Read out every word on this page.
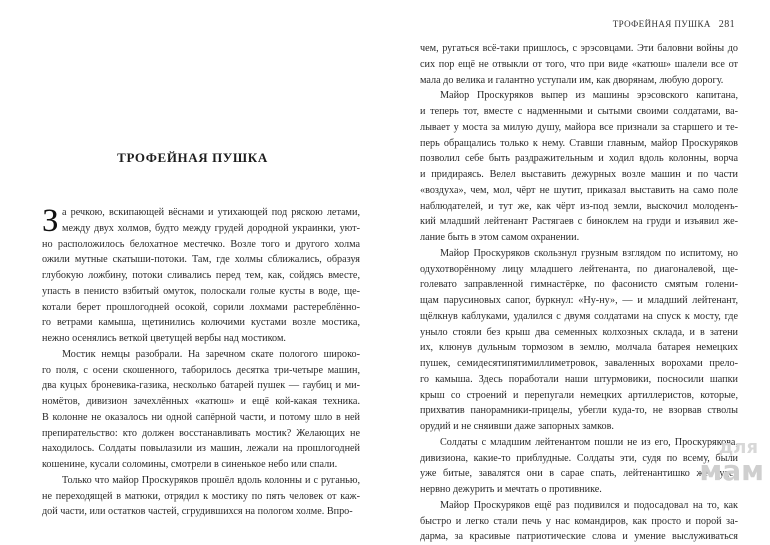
ТРОФЕЙНАЯ ПУШКА
а речкою, вскипающей вёснами и утихающей под ряскою летами,
между двух холмов, будто между грудей дородной украинки, уют-
но расположилось белохатное местечко. Возле того и другого холма
ожили мутные скатыши-потоки. Там, где холмы сближались, образуя
глубокую ложбину, потоки сливались перед тем, как, сойдясь вместе,
упасть в пенисто взбитый омуток, полоскали голые кусты в воде, ще-
котали берет прошлогодней осокой, сорили лохмами растереблённо-
го ветрами камыша, щетинились колючими кустами возле мостика,
нежно осенялись веткой цветущей вербы над мостиком.
Мостик немцы разобрали. На заречном скате пологого широко-
го поля, с осени скошенного, таборилось десятка три-четыре машин,
два куцых броневика-газика, несколько батарей пушек — гаубиц и ми-
номётов, дивизион зачехлённых «катюш» и ещё кой-какая техника.
В колонне не оказалось ни одной сапёрной части, и потому шло в ней
препирательство: кто должен восстанавливать мостик? Желающих не
находилось. Солдаты повылазили из машин, лежали на прошлогодней
кошенине, кусали соломины, смотрели в синенькое небо или спали.
Только что майор Проскуряков прошёл вдоль колонны и с руганью,
не переходящей в матюки, отрядил к мостику по пять человек от каж-
дой части, или остатков частей, сгрудившихся на пологом холме. Впро-
З
ТРОФЕЙНАЯ ПУШКА 281
чем, ругаться всё-таки пришлось, с эрэсовцами. Эти баловни войны до
сих пор ещё не отвыкли от того, что при виде «катюш» шалели все от
мала до велика и галантно уступали им, как дворянам, любую дорогу.
Майор Проскуряков выпер из машины эрэсовского капитана,
и теперь тот, вместе с надменными и сытыми своими солдатами, ва-
лывает у моста за милую душу, майора все признали за старшего и те-
перь обращались только к нему. Ставши главным, майор Проскуряков
позволил себе быть раздражительным и ходил вдоль колонны, ворча
и придираясь. Велел выставить дежурных возле машин и по части
«воздуха», чем, мол, чёрт не шутит, приказал выставить на само поле
наблюдателей, и тут же, как чёрт из-под земли, выскочил молоденъ-
кий младший лейтенант Растягаев с биноклем на груди и изъявил же-
лание быть в этом самом охранении.
Майор Проскуряков скользнул грузным взглядом по испитому, но
одухотворённому лицу младшего лейтенанта, по диагоналевой, ще-
голевато заправленной гимнастёрке, по фасонисто смятым голени-
щам парусиновых сапог, буркнул: «Ну-ну», — и младший лейтенант,
щёлкнув каблуками, удалился с двумя солдатами на спуск к мосту, где
уныло стояли без крыш два семенных колхозных склада, и в затени
их, клюнув дульным тормозом в землю, молчала батарея немецких
пушек, семидесятипятимиллиметровок, заваленных ворохами прело-
го камыша. Здесь поработали наши штурмовики, посносили шапки
крыш со строений и перепугали немецких артиллеристов, которые,
прихватив панорамники-прицелы, убегли куда-то, не взорвав стволы
орудий и не сняивши даже запорных замков.
Солдаты с младшим лейтенантом пошли не из его, Проскурякова,
дивизиона, какие-то приблудные. Солдаты эти, судя по всему, были
уже битые, завалятся они в сарае спать, лейтенантишко же будет
нервно дежурить и мечтать о противнике.
Майор Проскуряков ещё раз подивился и подосадовал на то, как
быстро и легко стали печь у нас командиров, как просто и порой за-
дарма, за красивые патриотические слова и умение выслуживаться
для
мам
